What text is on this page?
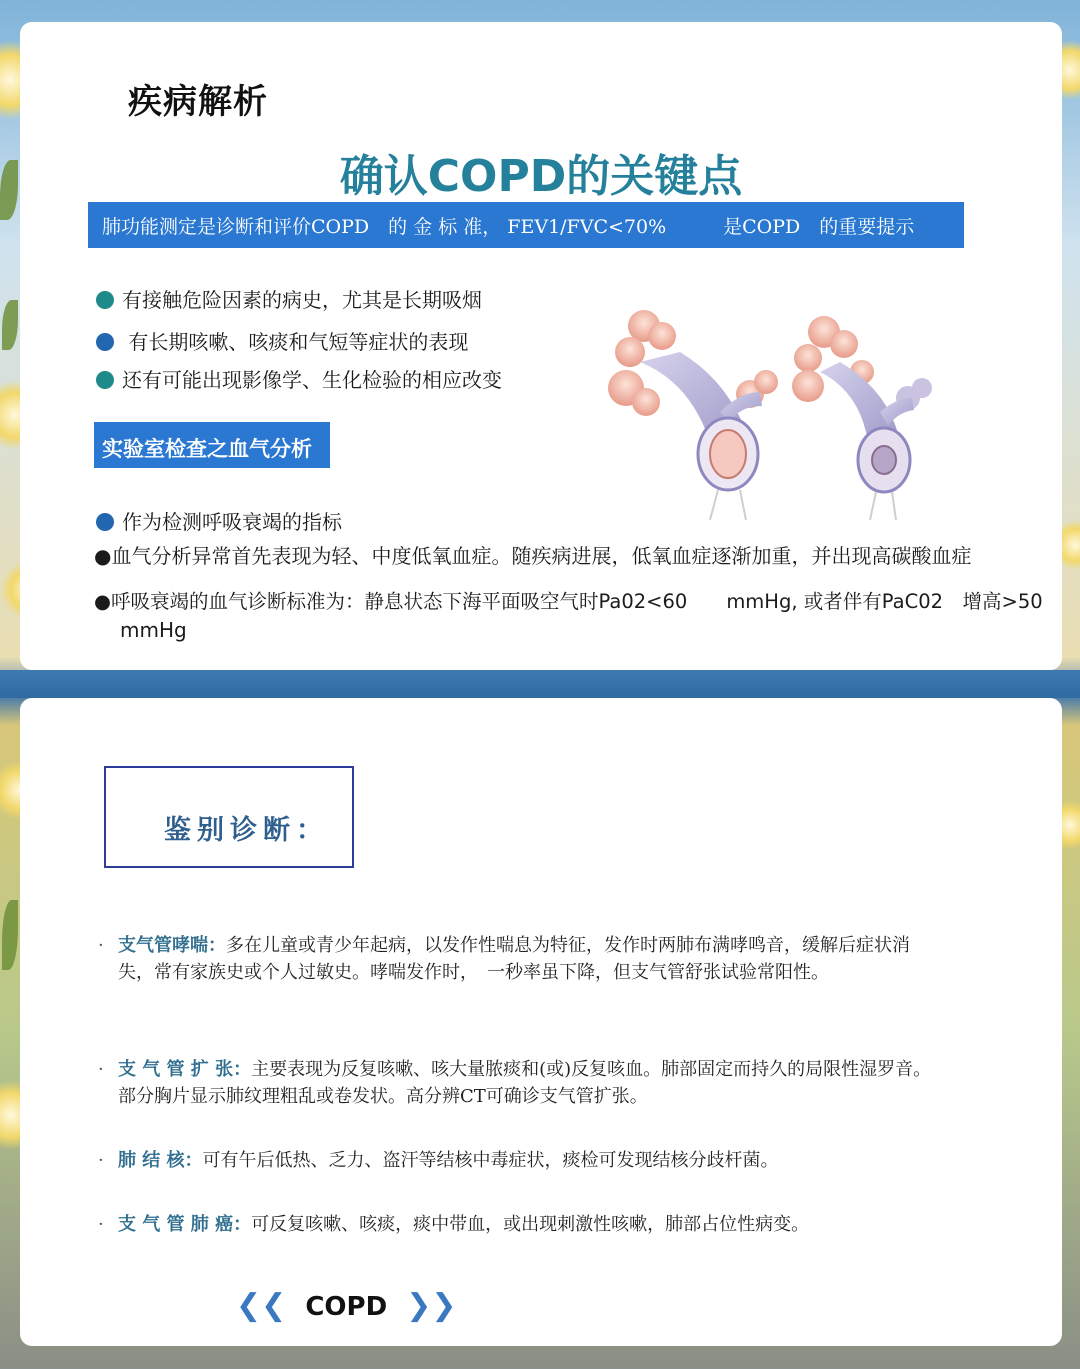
疾病解析
确认COPD的关键点
肺功能测定是诊断和评价COPD　的 金 标 准， FEV1/FVC<70%　　　是COPD　的重要提示
有接触危险因素的病史，尤其是长期吸烟
有长期咳嗽、咳痰和气短等症状的表现
还有可能出现影像学、生化检验的相应改变
实验室检查之血气分析
作为检测呼吸衰竭的指标
●血气分析异常首先表现为轻、中度低氧血症。随疾病进展，低氧血症逐渐加重，并出现高碳酸血症
●呼吸衰竭的血气诊断标准为：静息状态下海平面吸空气时Pa02<60　　mmHg, 或者伴有PaC02　增高>50
mmHg
鉴别诊断：
· 支气管哮喘：多在儿童或青少年起病，以发作性喘息为特征，发作时两肺布满哮鸣音，缓解后症状消失，常有家族史或个人过敏史。哮喘发作时，　一秒率虽下降，但支气管舒张试验常阳性。
· 支 气 管 扩 张：主要表现为反复咳嗽、咳大量脓痰和(或)反复咳血。肺部固定而持久的局限性湿罗音。部分胸片显示肺纹理粗乱或卷发状。高分辨CT可确诊支气管扩张。
· 肺 结 核：可有午后低热、乏力、盗汗等结核中毒症状，痰检可发现结核分歧杆菌。
· 支 气 管 肺 癌：可反复咳嗽、咳痰，痰中带血，或出现刺激性咳嗽，肺部占位性病变。
❮❮ COPD ❯❯
